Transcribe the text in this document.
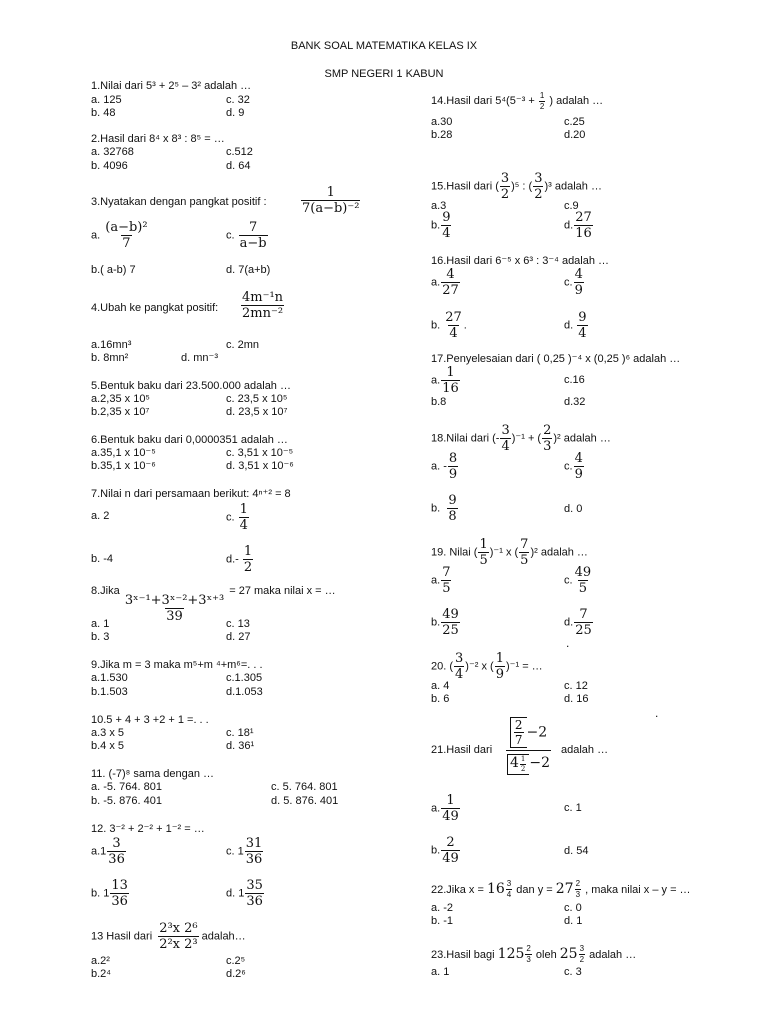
BANK SOAL MATEMATIKA KELAS IX
SMP NEGERI 1 KABUN
1.Nilai dari 5³ + 2⁵ – 3² adalah …
a. 125	c. 32
b. 48	d. 9
2.Hasil dari 8⁴ x 8³ : 8⁵ = …
a. 32768	c.512
b. 4096	d. 64
3.Nyatakan dengan pangkat positif :	$\frac{1}{\text{7(a−b)⁻²}}$
a. $\frac{\text{(a−b)²}}{7}$	c. $\frac{7}{a-b}$
b.( a-b) 7	d. 7(a+b)
4.Ubah ke pangkat positif: $\frac{\text{4m⁻¹n}}{\text{2mn⁻²}}$
a.16mn³	c. 2mn
b. 8mn²	d. mn⁻³
5.Bentuk baku dari 23.500.000 adalah …
a.2,35 x 10⁵	c. 23,5 x 10⁵
b.2,35 x 10⁷	d. 23,5 x 10⁷
6.Bentuk baku dari 0,0000351 adalah …
a.35,1 x 10⁻⁵	c. 3,51 x 10⁻⁵
b.35,1 x 10⁻⁶	d. 3,51 x 10⁻⁶
7.Nilai n dari persamaan berikut: 4ⁿ⁺² = 8
a. 2	c. $\frac{1}{4}$
b. -4	$d.- \frac{1}{2}$
8.Jika
$\frac{\text{3ˣ⁻¹+3ˣ⁻²+3ˣ⁺³}}{39}$
= 27 maka nilai x = …
a. 1	c. 13
b. 3	d. 27
9.Jika m = 3 maka m⁵+m ⁴+m⁶=. . .
a.1.530	c.1.305
b.1.503	d.1.053
10.5 + 4 + 3 +2 + 1 =. . .
a.3 x 5	c. 18¹
b.4 x 5	d. 36¹
11. (-7)⁸ sama dengan …
a. -5. 764. 801	c. 5. 764. 801
b. -5. 876. 401	d. 5. 876. 401
12. 3⁻² + 2⁻² + 1⁻² = …
$a.1 \frac{3}{36}$	c. $1 \frac{31}{36}$
b. $1 \frac{13}{36}$	d. $1 \frac{35}{36}$
13 Hasil dari $\frac{\text{2³x 2⁶}}{\text{2²x 2³}}$ adalah…
a.2²	c.2⁵
b.2⁴	d.2⁶
14.Hasil dari $5^4(5^{-3} + \frac{1}{2}$ ) adalah …
a.30	c.25
b.28	d.20
15.Hasil dari ( $\frac{3}{2} )^5$ : ( $\frac{3}{2} )^3$ adalah …
a.3	c.9
b. $\frac{9}{4}$	d. $\frac{27}{16}$
16.Hasil dari 6⁻⁵ x 6³ : 3⁻⁴ adalah …
a. $\frac{4}{27}$	c. $\frac{4}{9}$
b. $\frac{27}{4}$ .	d. $\frac{9}{4}$
17.Penyelesaian dari ( 0,25 )⁻⁴ x (0,25 )⁶ adalah …
a. $\frac{1}{16}$	c.16
b.8	d.32
18.Nilai dari (- $\frac{3}{4} )^{-1}$ + ( $\frac{2}{3} )^2$ adalah …
a. - $\frac{8}{9}$	c. $\frac{4}{9}$
b. $\frac{9}{8}$	d. 0
19. Nilai ( $\frac{1}{5} )^{-1}$ x ( $\frac{7}{5} )^2$ adalah …
a. $\frac{7}{5}$	c. $\frac{49}{5}$
b. $\frac{49}{25}$	d. $\frac{7}{25}$
.
20. ( $\frac{3}{4} )^{-2}$ x ( $\frac{1}{9} )^{-1}$ = …
a. 4	c. 12
b. 6	d. 16
.
21.Hasil dari $\frac{\frac{2}{7} -2}{4 \frac{1}{2} -2}$ adalah …
a. $\frac{1}{49}$	c. 1
b. $\frac{2}{49}$	d. 54
22.Jika $x = 16 \frac{3}{4}$ dan $y = 27 \frac{2}{3}$ , maka nilai x – y = …
a. -2	c. 0
b. -1	d. 1
23.Hasil bagi $125 \frac{2}{3}$ oleh $25 \frac{3}{2}$ adalah …
a. 1	c. 3
